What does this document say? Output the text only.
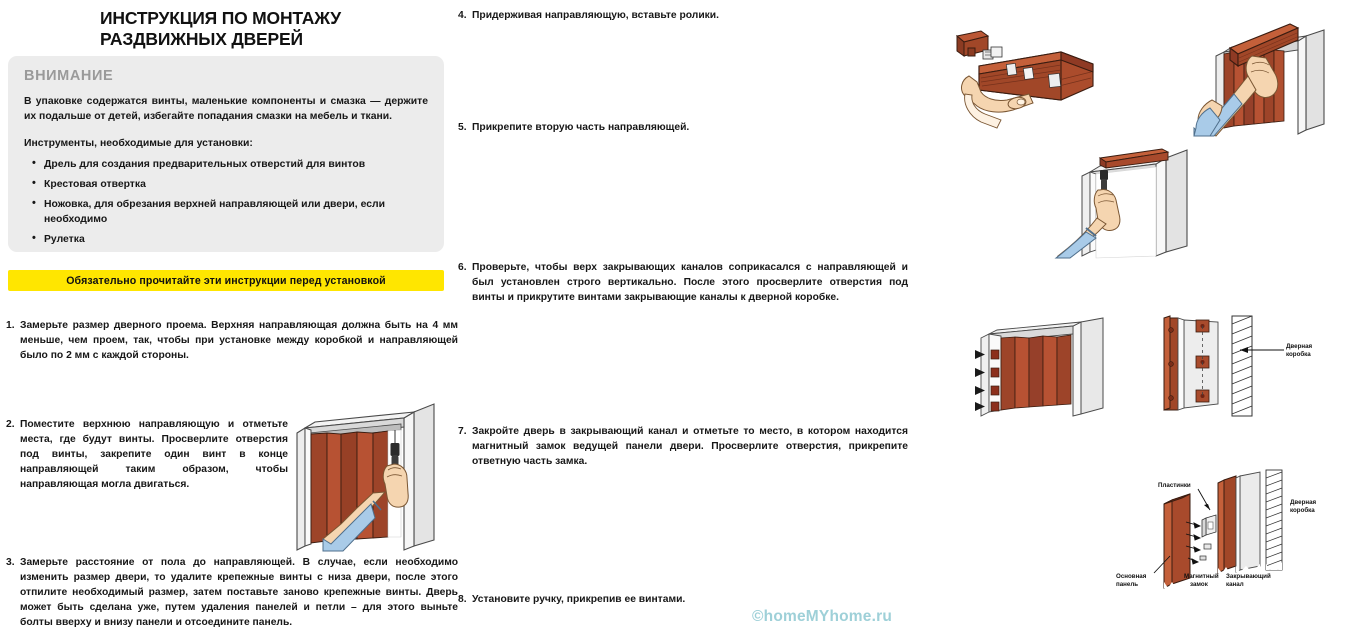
ИНСТРУКЦИЯ ПО МОНТАЖУ
РАЗДВИЖНЫХ ДВЕРЕЙ
ВНИМАНИЕ

В упаковке содержатся винты, маленькие компоненты и смазка — держите их подальше от детей, избегайте попадания смазки на мебель и ткани.

Инструменты, необходимые для установки:

• Дрель для создания предварительных отверстий для винтов
• Крестовая отвертка
• Ножовка, для обрезания верхней направляющей или двери, если необходимо
• Рулетка
Обязательно прочитайте эти инструкции перед установкой
1. Замерьте размер дверного проема. Верхняя направляющая должна быть на 4 мм меньше, чем проем, так, чтобы при установке между коробкой и направляющей было по 2 мм с каждой стороны.

2. Поместите верхнюю направляющую и отметьте места, где будут винты. Просверлите отверстия под винты, закрепите один винт в конце направляющей таким образом, чтобы направляющая могла двигаться.

3. Замерьте расстояние от пола до направляющей. В случае, если необходимо изменить размер двери, то удалите крепежные винты с низа двери, после этого отпилите необходимый размер, затем поставьте заново крепежные винты. Дверь может быть сделана уже, путем удаления панелей и петли – для этого выньте болты вверху и внизу панели и отсоедините панель.

4. Придерживая направляющую, вставьте ролики.

5. Прикрепите вторую часть направляющей.

6. Проверьте, чтобы верх закрывающих каналов соприкасался с направляющей и был установлен строго вертикально. После этого просверлите отверстия под винты и прикрутите винтами закрывающие каналы к дверной коробке.

Дверная
коробка
7. Закройте дверь в закрывающий канал и отметьте то место, в котором находится магнитный замок ведущей панели двери. Просверлите отверстия, прикрепите ответную часть замка.

Пластинки
Дверная
коробка
Основная
панель
Магнитный
замок
Закрывающий
канал
8. Установите ручку, прикрепив ее винтами.

©homeMYhome.ru
